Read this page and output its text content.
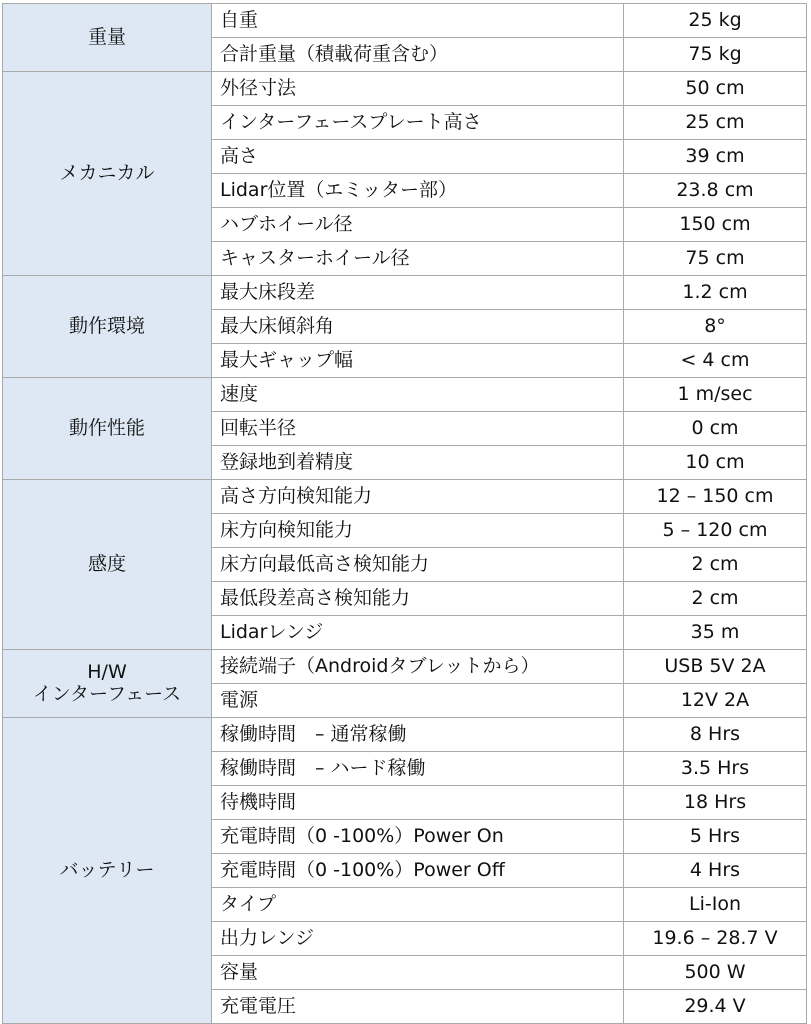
重量	自重	25 kg
	合計重量（積載荷重含む）	75 kg

メカニカル	外径寸法	50 cm
	インターフェースプレート高さ	25 cm
	高さ	39 cm
	Lidar位置（エミッター部）	23.8 cm
	ハブホイール径	150 cm
	キャスターホイール径	75 cm

動作環境	最大床段差	1.2 cm
	最大床傾斜角	8°
	最大ギャップ幅	< 4 cm

動作性能	速度	1 m/sec
	回転半径	0 cm
	登録地到着精度	10 cm

感度	高さ方向検知能力	12 – 150 cm
	床方向検知能力	5 – 120 cm
	床方向最低高さ検知能力	2 cm
	最低段差高さ検知能力	2 cm
	Lidarレンジ	35 m

H/W
インターフェース	接続端子（Androidタブレットから）	USB 5V 2A
	電源	12V 2A

バッテリー	稼働時間　– 通常稼働	8 Hrs
	稼働時間　– ハード稼働	3.5 Hrs
	待機時間	18 Hrs
	充電時間（0 -100%）Power On	5 Hrs
	充電時間（0 -100%）Power Off	4 Hrs
	タイプ	Li-Ion
	出力レンジ	19.6 – 28.7 V
	容量	500 W
	充電電圧	29.4 V
